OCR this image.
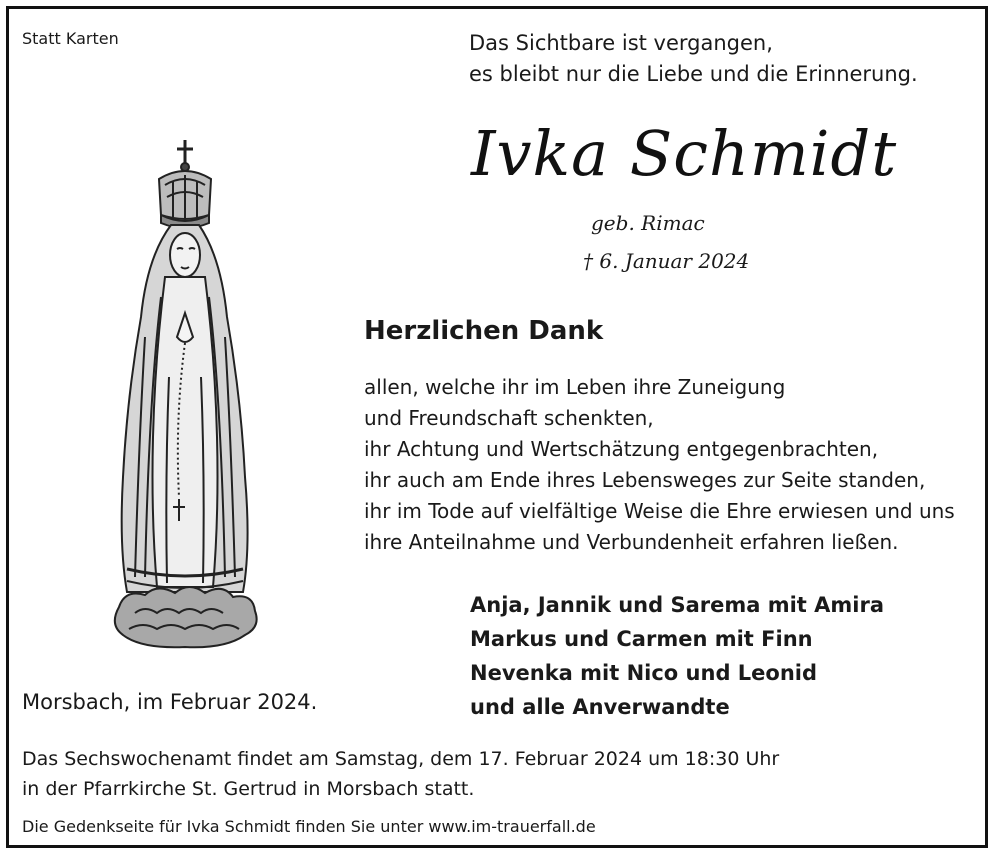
Statt Karten	Das Sichtbare ist vergangen,
es bleibt nur die Liebe und die Erinnerung.
Ivka Schmidt
geb. Rimac
† 6. Januar 2024
Herzlichen Dank
allen, welche ihr im Leben ihre Zuneigung
und Freundschaft schenkten,
ihr Achtung und Wertschätzung entgegenbrachten,
ihr auch am Ende ihres Lebensweges zur Seite standen,
ihr im Tode auf vielfältige Weise die Ehre erwiesen und uns
ihre Anteilnahme und Verbundenheit erfahren ließen.
Anja, Jannik und Sarema mit Amira
Markus und Carmen mit Finn
Nevenka mit Nico und Leonid
und alle Anverwandte
Morsbach, im Februar 2024.
Das Sechswochenamt findet am Samstag, dem 17. Februar 2024 um 18:30 Uhr
in der Pfarrkirche St. Gertrud in Morsbach statt.
Die Gedenkseite für Ivka Schmidt finden Sie unter www.im-trauerfall.de
